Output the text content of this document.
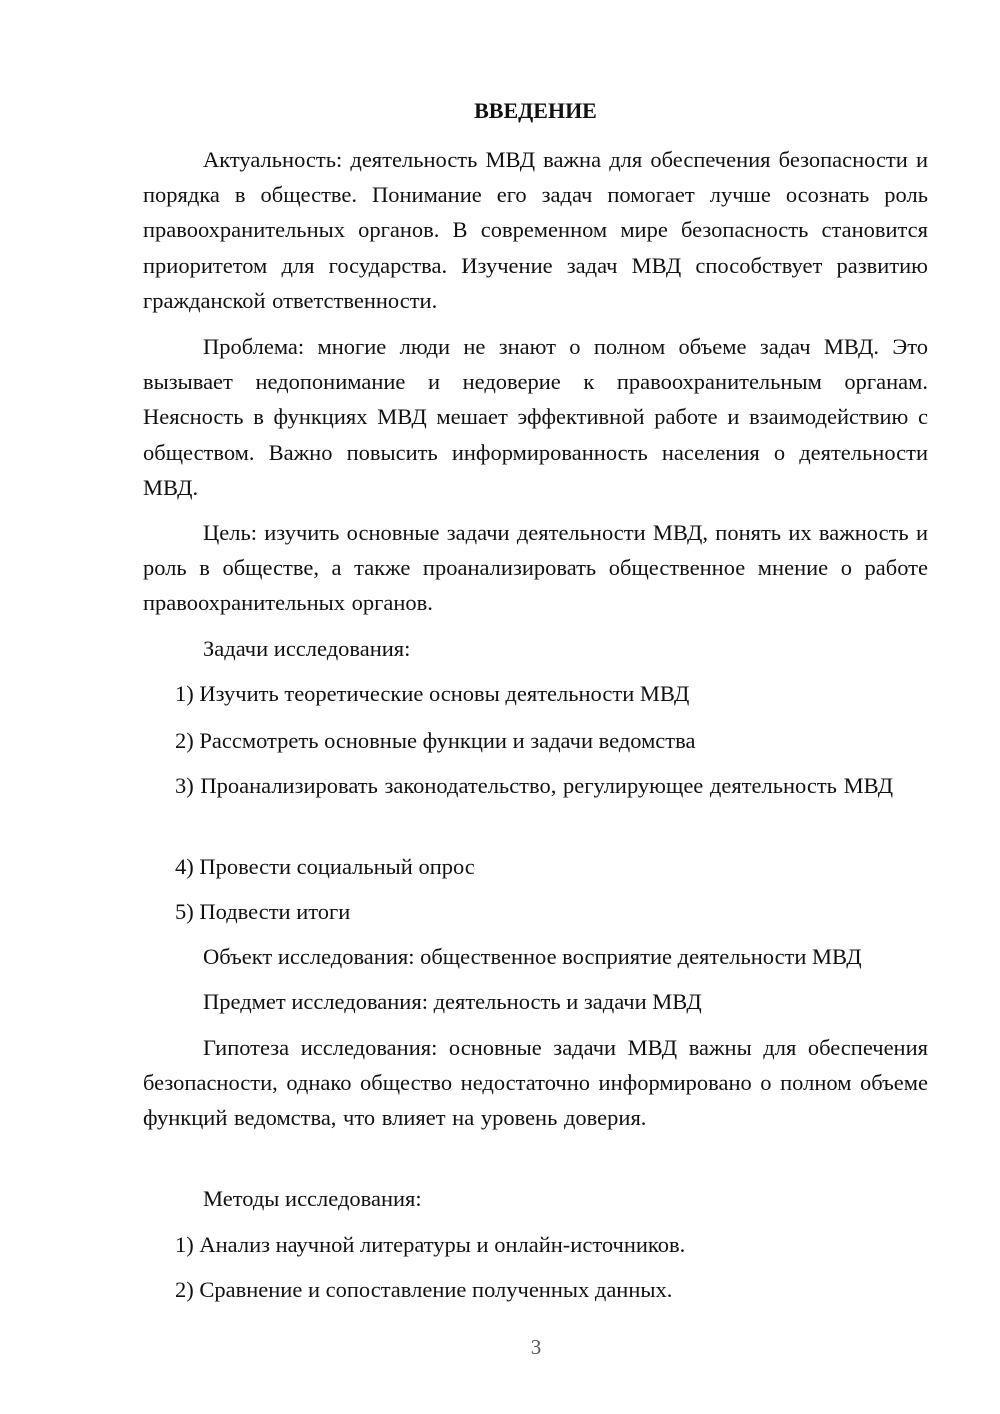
ВВЕДЕНИЕ

Актуальность: деятельность МВД важна для обеспечения безопасности и порядка в обществе. Понимание его задач помогает лучше осознать роль правоохранительных органов. В современном мире безопасность становится приоритетом для государства. Изучение задач МВД способствует развитию гражданской ответственности.

Проблема: многие люди не знают о полном объеме задач МВД. Это вызывает недопонимание и недоверие к правоохранительным органам. Неясность в функциях МВД мешает эффективной работе и взаимодействию с обществом. Важно повысить информированность населения о деятельности МВД.

Цель: изучить основные задачи деятельности МВД, понять их важность и роль в обществе, а также проанализировать общественное мнение о работе правоохранительных органов.

Задачи исследования:

1) Изучить теоретические основы деятельности МВД

2) Рассмотреть основные функции и задачи ведомства

3) Проанализировать законодательство, регулирующее деятельность МВД

4) Провести социальный опрос

5) Подвести итоги

Объект исследования: общественное восприятие деятельности МВД

Предмет исследования: деятельность и задачи МВД

Гипотеза исследования: основные задачи МВД важны для обеспечения безопасности, однако общество недостаточно информировано о полном объеме функций ведомства, что влияет на уровень доверия.

Методы исследования:

1) Анализ научной литературы и онлайн-источников.

2) Сравнение и сопоставление полученных данных.

3
